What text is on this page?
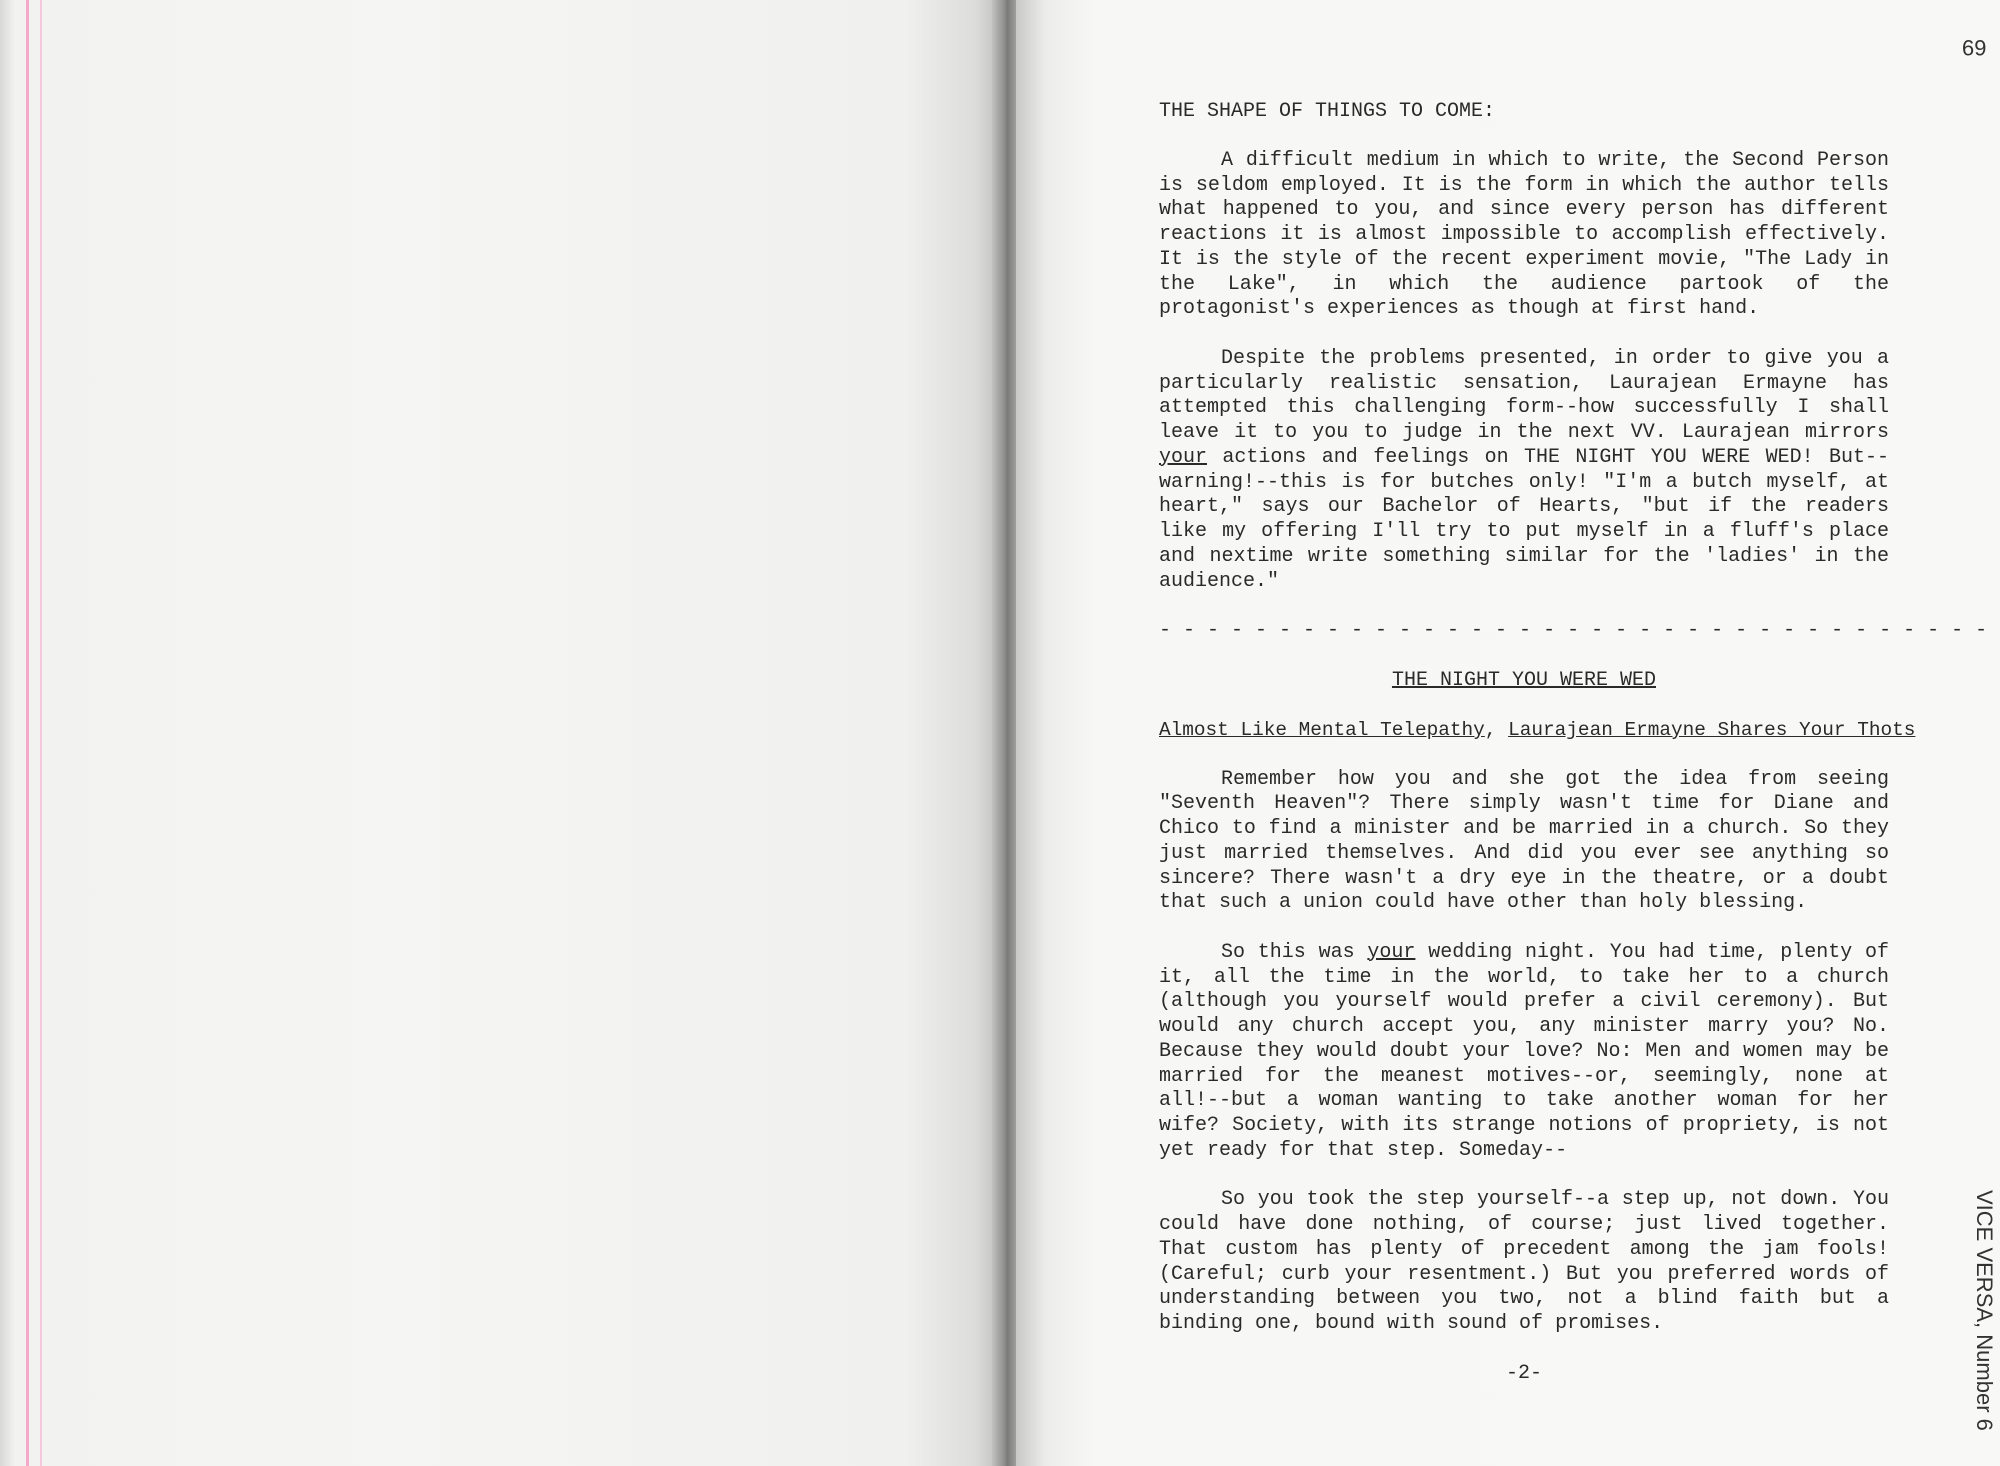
69
VICE VERSA, Number 6
THE SHAPE OF THINGS TO COME:

A difficult medium in which to write, the Second Person is seldom employed. It is the form in which the author tells what happened to you, and since every person has different reactions it is almost impossible to accomplish effectively. It is the style of the recent experiment movie, "The Lady in the Lake", in which the audience partook of the protagonist's experiences as though at first hand.

Despite the problems presented, in order to give you a particularly realistic sensation, Laurajean Ermayne has attempted this challenging form--how successfully I shall leave it to you to judge in the next VV. Laurajean mirrors your actions and feelings on THE NIGHT YOU WERE WED! But--warning!--this is for butches only! "I'm a butch myself, at heart," says our Bachelor of Hearts, "but if the readers like my offering I'll try to put myself in a fluff's place and nextime write something similar for the 'ladies' in the audience."

- - - - - - - - - - - - - - - - - - - - - - - - - - - - - - - - - - -
THE NIGHT YOU WERE WED
Almost Like Mental Telepathy, Laurajean Ermayne Shares Your Thots

Remember how you and she got the idea from seeing "Seventh Heaven"? There simply wasn't time for Diane and Chico to find a minister and be married in a church. So they just married themselves. And did you ever see anything so sincere? There wasn't a dry eye in the theatre, or a doubt that such a union could have other than holy blessing.

So this was your wedding night. You had time, plenty of it, all the time in the world, to take her to a church (although you yourself would prefer a civil ceremony). But would any church accept you, any minister marry you? No. Because they would doubt your love? No: Men and women may be married for the meanest motives--or, seemingly, none at all!--but a woman wanting to take another woman for her wife? Society, with its strange notions of propriety, is not yet ready for that step. Someday--

So you took the step yourself--a step up, not down. You could have done nothing, of course; just lived together. That custom has plenty of precedent among the jam fools! (Careful; curb your resentment.) But you preferred words of understanding between you two, not a blind faith but a binding one, bound with sound of promises.

-2-
